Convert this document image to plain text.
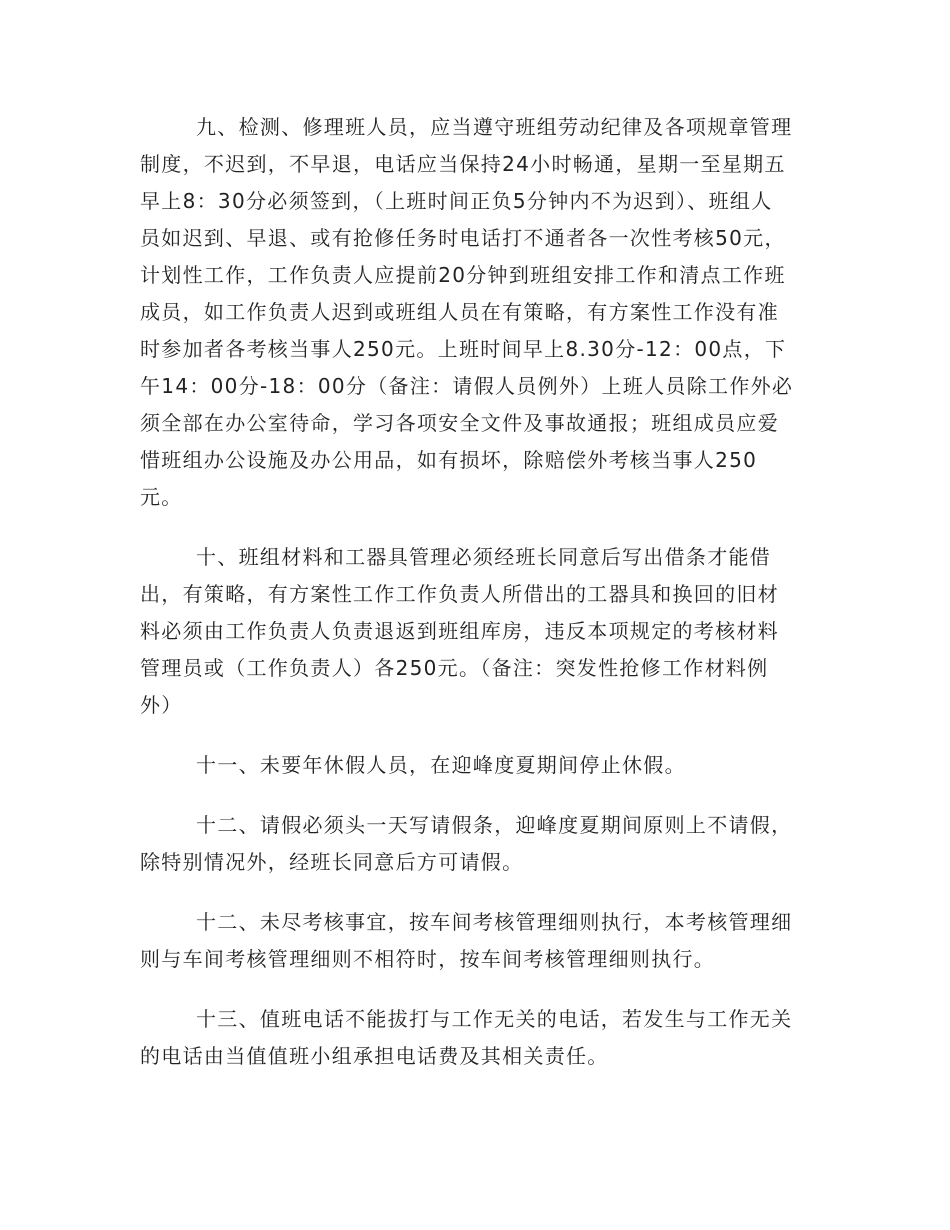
九、检测、修理班人员，应当遵守班组劳动纪律及各项规章管理
制度，不迟到，不早退，电话应当保持24小时畅通，星期一至星期五
早上8：30分必须签到，（上班时间正负5分钟内不为迟到）、班组人
员如迟到、早退、或有抢修任务时电话打不通者各一次性考核50元，
计划性工作，工作负责人应提前20分钟到班组安排工作和清点工作班
成员，如工作负责人迟到或班组人员在有策略，有方案性工作没有准
时参加者各考核当事人250元。上班时间早上8.30分-12：00点，下
午14：00分-18：00分（备注：请假人员例外）上班人员除工作外必
须全部在办公室待命，学习各项安全文件及事故通报；班组成员应爱
惜班组办公设施及办公用品，如有损坏，除赔偿外考核当事人250
元。
十、班组材料和工器具管理必须经班长同意后写出借条才能借
出，有策略，有方案性工作工作负责人所借出的工器具和换回的旧材
料必须由工作负责人负责退返到班组库房，违反本项规定的考核材料
管理员或（工作负责人）各250元。（备注：突发性抢修工作材料例
外）
十一、未要年休假人员，在迎峰度夏期间停止休假。
十二、请假必须头一天写请假条，迎峰度夏期间原则上不请假，
除特别情况外，经班长同意后方可请假。
十二、未尽考核事宜，按车间考核管理细则执行，本考核管理细
则与车间考核管理细则不相符时，按车间考核管理细则执行。
十三、值班电话不能拔打与工作无关的电话，若发生与工作无关
的电话由当值值班小组承担电话费及其相关责任。
